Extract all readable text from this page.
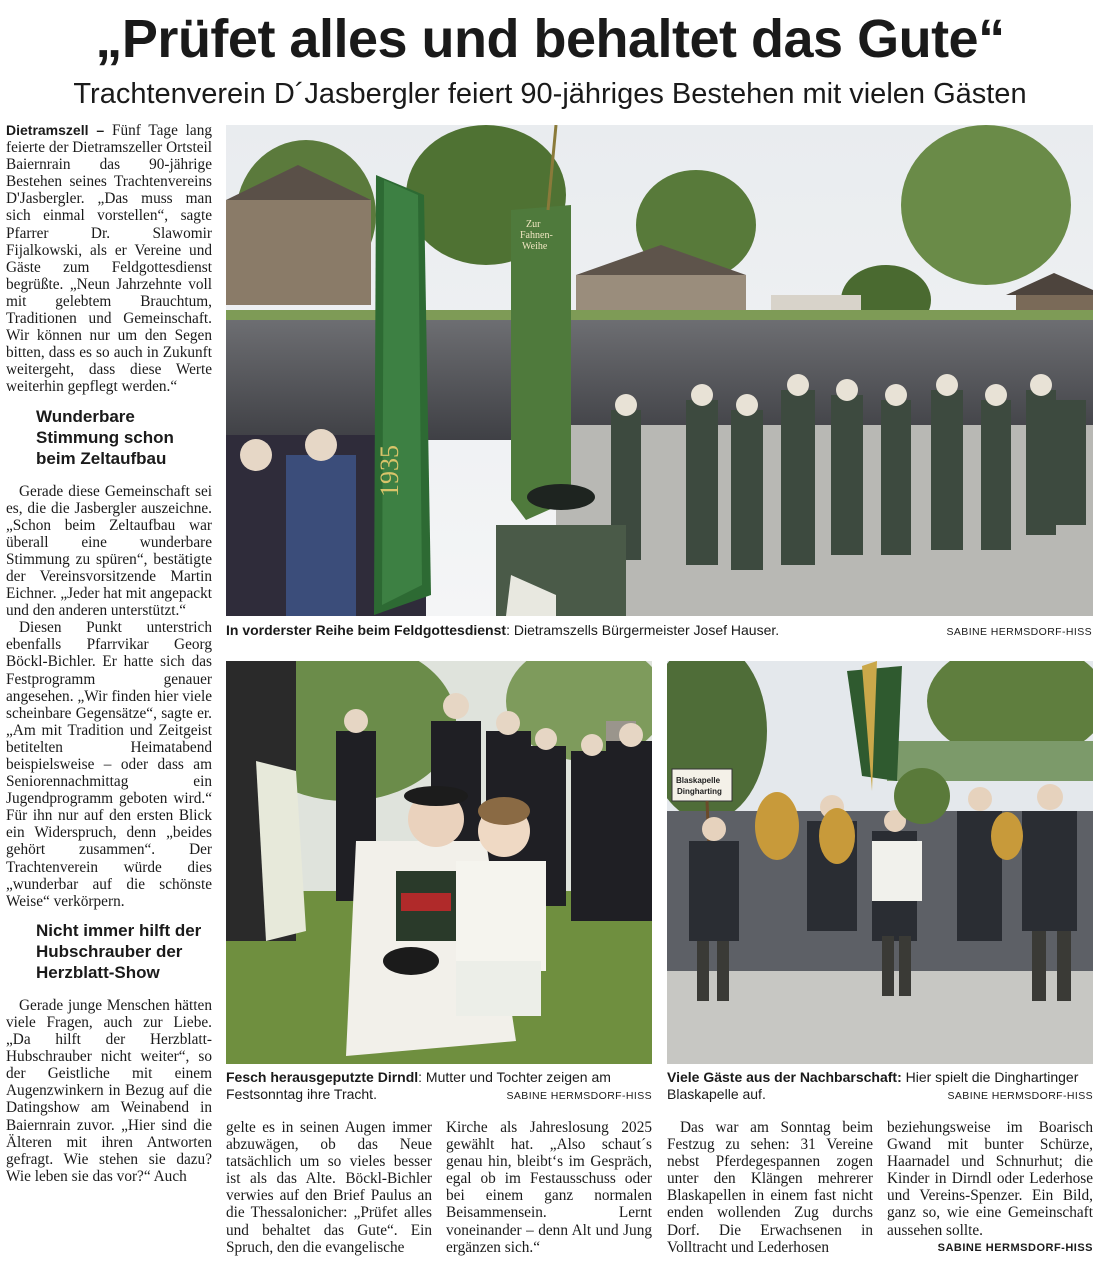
„Prüfet alles und behaltet das Gute“
Trachtenverein D´Jasbergler feiert 90-jähriges Bestehen mit vielen Gästen

Dietramszell – Fünf Tage lang feierte der Dietramszeller Ortsteil Baiernrain das 90-jährige Bestehen seines Trachtenvereins D'Jasbergler. „Das muss man sich einmal vorstellen“, sagte Pfarrer Dr. Slawomir Fijalkowski, als er Vereine und Gäste zum Feldgottesdienst begrüßte. „Neun Jahrzehnte voll mit gelebtem Brauchtum, Traditionen und Gemeinschaft. Wir können nur um den Segen bitten, dass es so auch in Zukunft weitergeht, dass diese Werte weiterhin gepflegt werden.“

Wunderbare Stimmung schon beim Zeltaufbau

Gerade diese Gemeinschaft sei es, die die Jasbergler auszeichne. „Schon beim Zeltaufbau war überall eine wunderbare Stimmung zu spüren“, bestätigte der Vereinsvorsitzende Martin Eichner. „Jeder hat mit angepackt und den anderen unterstützt.“

Diesen Punkt unterstrich ebenfalls Pfarrvikar Georg Böckl-Bichler. Er hatte sich das Festprogramm genauer angesehen. „Wir finden hier viele scheinbare Gegensätze“, sagte er. „Am mit Tradition und Zeitgeist betitelten Heimatabend beispielsweise – oder dass am Seniorennachmittag ein Jugendprogramm geboten wird.“ Für ihn nur auf den ersten Blick ein Widerspruch, denn „beides gehört zusammen“. Der Trachtenverein würde dies „wunderbar auf die schönste Weise“ verkörpern.

Nicht immer hilft der Hubschrauber der Herzblatt-Show

Gerade junge Menschen hätten viele Fragen, auch zur Liebe. „Da hilft der Herzblatt-Hubschrauber nicht weiter“, so der Geistliche mit einem Augenzwinkern in Bezug auf die Datingshow am Weinabend in Baiernrain zuvor. „Hier sind die Älteren mit ihren Antworten gefragt. Wie stehen sie dazu? Wie leben sie das vor?“ Auch

1935
Zur Fahnen- Weihe
In vorderster Reihe beim Feldgottesdienst: Dietramszells Bürgermeister Josef Hauser.	SABINE HERMSDORF-HISS
Fesch herausgeputzte Dirndl: Mutter und Tochter zeigen am Festsonntag ihre Tracht.	SABINE HERMSDORF-HISS
Blaskapelle Dingharting
Viele Gäste aus der Nachbarschaft: Hier spielt die Dinghartinger Blaskapelle auf.	SABINE HERMSDORF-HISS

gelte es in seinen Augen immer abzuwägen, ob das Neue tatsächlich um so vieles besser ist als das Alte. Böckl-Bichler verwies auf den Brief Paulus an die Thessalonicher: „Prüfet alles und behaltet das Gute“. Ein Spruch, den die evangelische

Kirche als Jahreslosung 2025 gewählt hat. „Also schaut´s genau hin, bleibt‘s im Gespräch, egal ob im Festausschuss oder bei einem ganz normalen Beisammensein. Lernt voneinander – denn Alt und Jung ergänzen sich.“

Das war am Sonntag beim Festzug zu sehen: 31 Vereine nebst Pferdegespannen zogen unter den Klängen mehrerer Blaskapellen in einem fast nicht enden wollenden Zug durchs Dorf. Die Erwachsenen in Volltracht und Lederhosen

beziehungsweise im Boarisch Gwand mit bunter Schürze, Haarnadel und Schnurhut; die Kinder in Dirndl oder Lederhose und Vereins-Spenzer. Ein Bild, ganz so, wie eine Gemeinschaft aussehen sollte.

SABINE HERMSDORF-HISS
